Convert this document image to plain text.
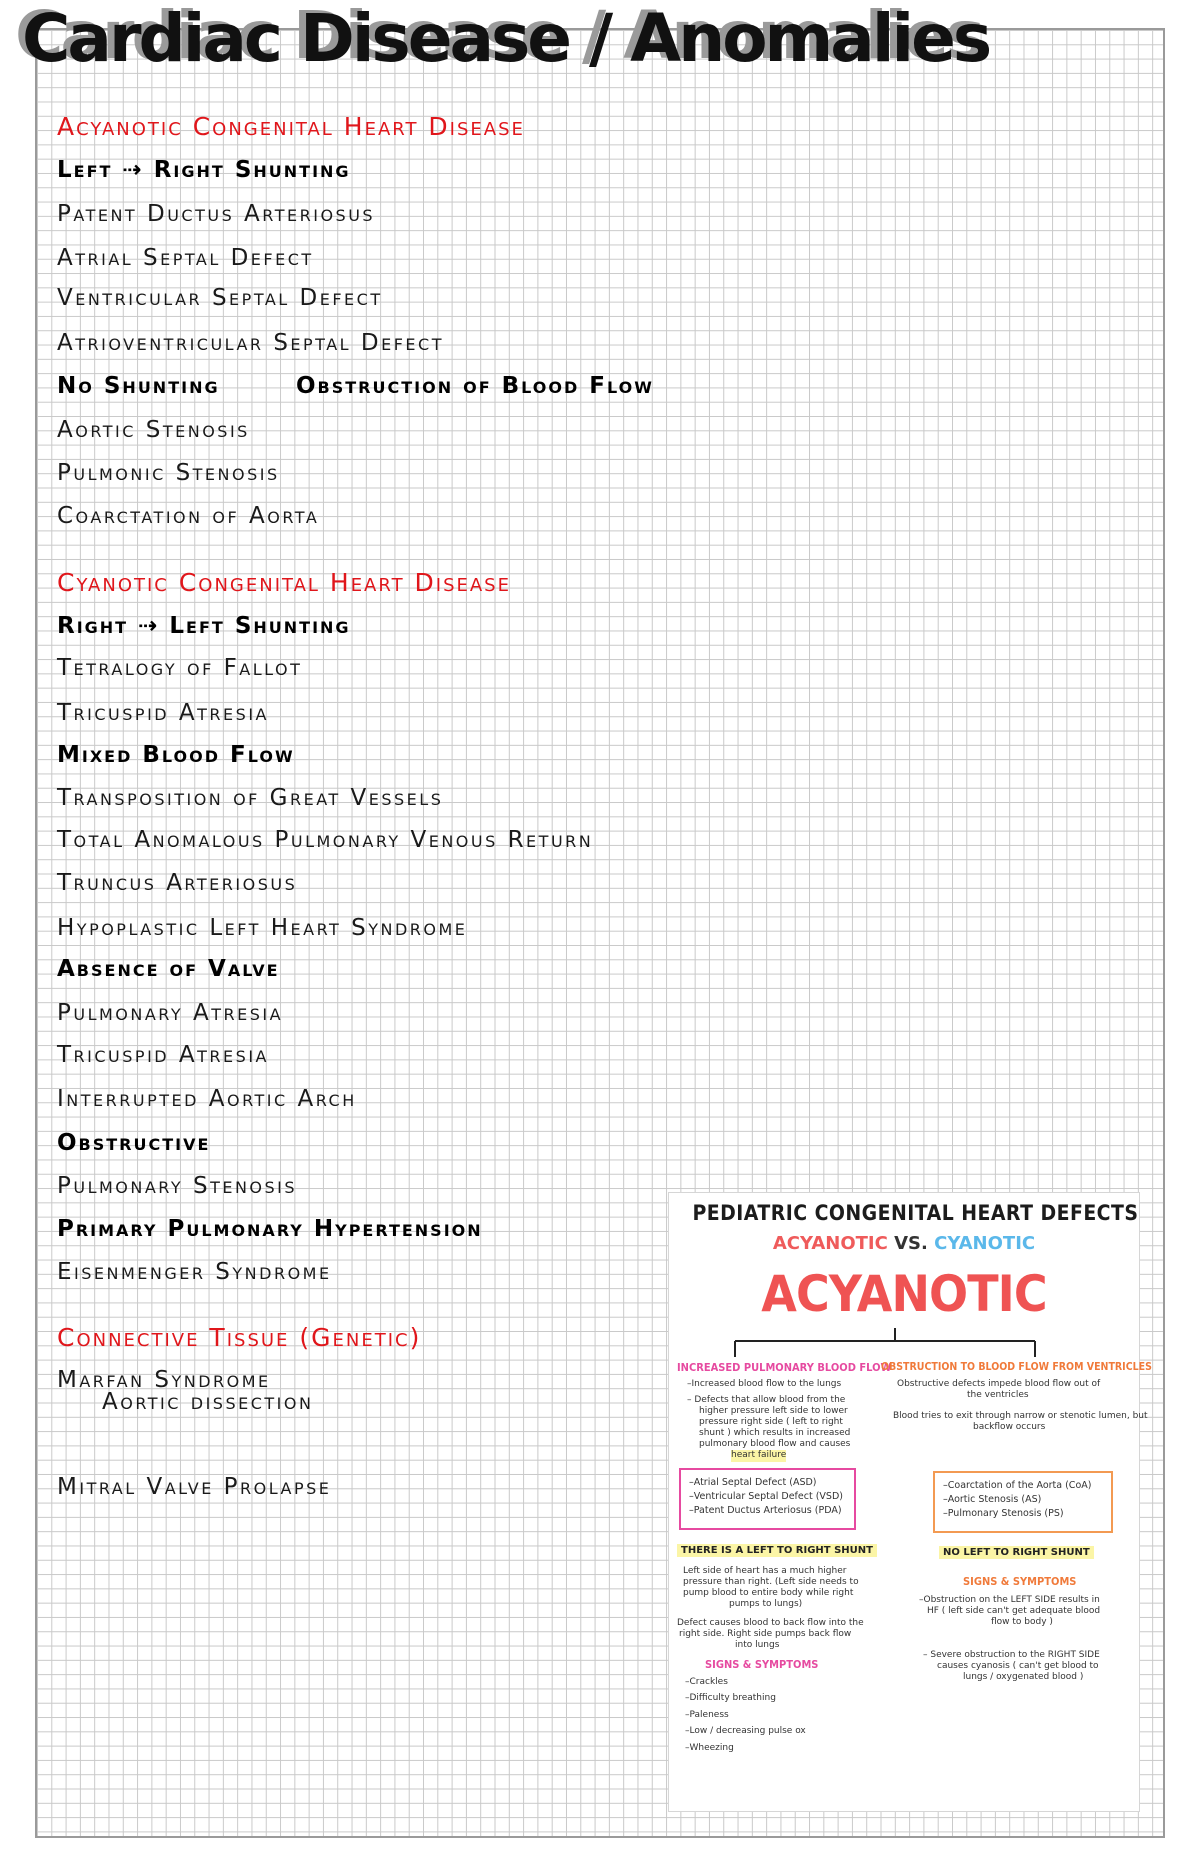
Cardiac Disease / Anomalies
Acyanotic Congenital Heart Disease
Left ⇢ Right Shunting
Patent Ductus Arteriosus
Atrial Septal Defect
Ventricular Septal Defect
Atrioventricular Septal Defect
No Shunting	Obstruction of Blood Flow
Aortic Stenosis
Pulmonic Stenosis
Coarctation of Aorta
Cyanotic Congenital Heart Disease
Right ⇢ Left Shunting
Tetralogy of Fallot
Tricuspid Atresia
Mixed Blood Flow
Transposition of Great Vessels
Total Anomalous Pulmonary Venous Return
Truncus Arteriosus
Hypoplastic Left Heart Syndrome
Absence of Valve
Pulmonary Atresia
Tricuspid Atresia
Interrupted Aortic Arch
Obstructive
Pulmonary Stenosis
Primary Pulmonary Hypertension
Eisenmenger Syndrome
Connective Tissue (Genetic)
Marfan Syndrome
Aortic dissection
Mitral Valve Prolapse
PEDIATRIC CONGENITAL HEART DEFECTS
ACYANOTIC VS. CYANOTIC
ACYANOTIC
INCREASED PULMONARY BLOOD FLOW
–Increased blood flow to the lungs
– Defects that allow blood from the
higher pressure left side to lower
pressure right side ( left to right
shunt ) which results in increased
pulmonary blood flow and causes
heart failure
–Atrial Septal Defect (ASD)
–Ventricular Septal Defect (VSD)
–Patent Ductus Arteriosus (PDA)
THERE IS A LEFT TO RIGHT SHUNT
Left side of heart has a much higher
pressure than right. (Left side needs to
pump blood to entire body while right
pumps to lungs)
Defect causes blood to back flow into the
right side. Right side pumps back flow
into lungs
SIGNS & SYMPTOMS
–Crackles
–Difficulty breathing
–Paleness
–Low / decreasing pulse ox
–Wheezing
OBSTRUCTION TO BLOOD FLOW FROM VENTRICLES
Obstructive defects impede blood flow out of
the ventricles
Blood tries to exit through narrow or stenotic lumen, but
backflow occurs
–Coarctation of the Aorta (CoA)
–Aortic Stenosis (AS)
–Pulmonary Stenosis (PS)
NO LEFT TO RIGHT SHUNT
SIGNS & SYMPTOMS
–Obstruction on the LEFT SIDE results in
HF ( left side can't get adequate blood
flow to body )
– Severe obstruction to the RIGHT SIDE
causes cyanosis ( can't get blood to
lungs / oxygenated blood )
